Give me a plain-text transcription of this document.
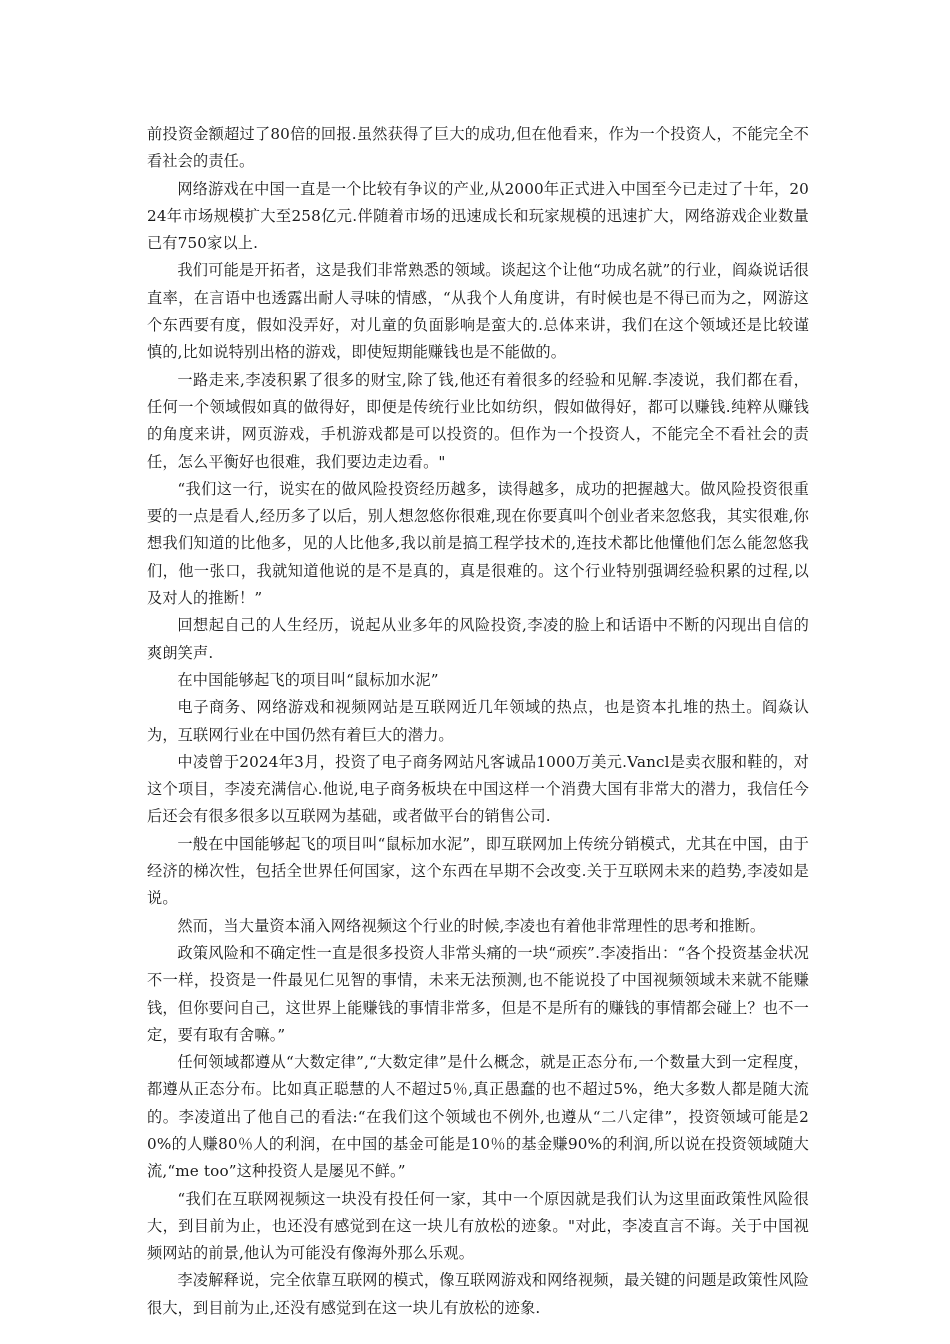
前投资金额超过了80倍的回报.虽然获得了巨大的成功,但在他看来，作为一个投资人，不能完全不看社会的责任。

网络游戏在中国一直是一个比较有争议的产业,从2000年正式进入中国至今已走过了十年，2024年市场规模扩大至258亿元.伴随着市场的迅速成长和玩家规模的迅速扩大，网络游戏企业数量已有750家以上.

我们可能是开拓者，这是我们非常熟悉的领域。谈起这个让他“功成名就”的行业，阎焱说话很直率，在言语中也透露出耐人寻味的情感，“从我个人角度讲，有时候也是不得已而为之，网游这个东西要有度，假如没弄好，对儿童的负面影响是蛮大的.总体来讲，我们在这个领域还是比较谨慎的,比如说特别出格的游戏，即使短期能赚钱也是不能做的。

一路走来,李凌积累了很多的财宝,除了钱,他还有着很多的经验和见解.李凌说，我们都在看，任何一个领域假如真的做得好，即便是传统行业比如纺织，假如做得好，都可以赚钱.纯粹从赚钱的角度来讲，网页游戏，手机游戏都是可以投资的。但作为一个投资人，不能完全不看社会的责任，怎么平衡好也很难，我们要边走边看。"

“我们这一行，说实在的做风险投资经历越多，读得越多，成功的把握越大。做风险投资很重要的一点是看人,经历多了以后，别人想忽悠你很难,现在你要真叫个创业者来忽悠我，其实很难,你想我们知道的比他多，见的人比他多,我以前是搞工程学技术的,连技术都比他懂他们怎么能忽悠我们，他一张口，我就知道他说的是不是真的，真是很难的。这个行业特别强调经验积累的过程,以及对人的推断！”

回想起自己的人生经历，说起从业多年的风险投资,李凌的脸上和话语中不断的闪现出自信的爽朗笑声.

在中国能够起飞的项目叫“鼠标加水泥”

电子商务、网络游戏和视频网站是互联网近几年领域的热点，也是资本扎堆的热土。阎焱认为，互联网行业在中国仍然有着巨大的潜力。

中凌曾于2024年3月，投资了电子商务网站凡客诚品1000万美元.Vancl是卖衣服和鞋的，对这个项目，李凌充满信心.他说,电子商务板块在中国这样一个消费大国有非常大的潜力，我信任今后还会有很多很多以互联网为基础，或者做平台的销售公司.

一般在中国能够起飞的项目叫“鼠标加水泥”，即互联网加上传统分销模式，尤其在中国，由于经济的梯次性，包括全世界任何国家，这个东西在早期不会改变.关于互联网未来的趋势,李凌如是说。

然而，当大量资本涌入网络视频这个行业的时候,李凌也有着他非常理性的思考和推断。

政策风险和不确定性一直是很多投资人非常头痛的一块“顽疾”.李凌指出：“各个投资基金状况不一样，投资是一件最见仁见智的事情，未来无法预测,也不能说投了中国视频领域未来就不能赚钱，但你要问自己，这世界上能赚钱的事情非常多，但是不是所有的赚钱的事情都会碰上？也不一定，要有取有舍嘛。”

任何领域都遵从“大数定律”,“大数定律”是什么概念，就是正态分布,一个数量大到一定程度，都遵从正态分布。比如真正聪慧的人不超过5％,真正愚蠢的也不超过5%，绝大多数人都是随大流的。李凌道出了他自己的看法:“在我们这个领域也不例外,也遵从“二八定律”，投资领域可能是20%的人赚80％人的利润，在中国的基金可能是10％的基金赚90%的利润,所以说在投资领域随大流,“me too”这种投资人是屡见不鲜。”

“我们在互联网视频这一块没有投任何一家，其中一个原因就是我们认为这里面政策性风险很大，到目前为止，也还没有感觉到在这一块儿有放松的迹象。"对此，李凌直言不诲。关于中国视频网站的前景,他认为可能没有像海外那么乐观。

李凌解释说，完全依靠互联网的模式，像互联网游戏和网络视频，最关键的问题是政策性风险很大，到目前为止,还没有感觉到在这一块儿有放松的迹象.
